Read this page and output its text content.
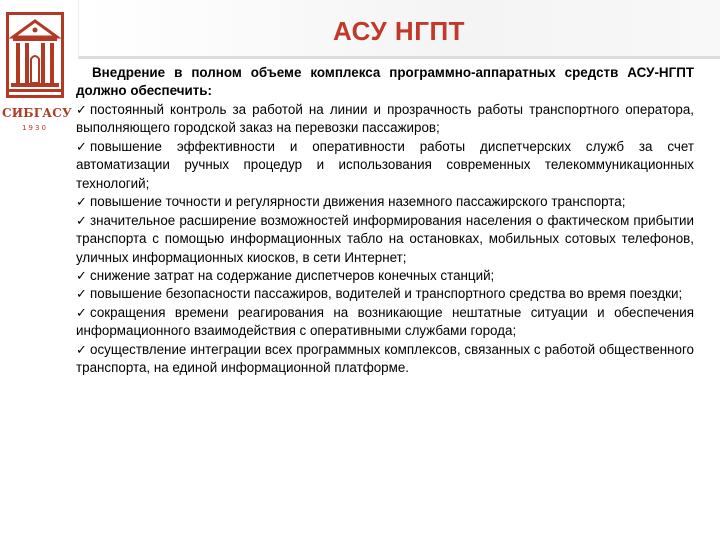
АСУ НГПТ
СИБГАСУ
1930

Внедрение в полном объеме комплекса программно-аппаратных средств АСУ-НГПТ должно обеспечить:

✓ постоянный контроль за работой на линии и прозрачность работы транспортного оператора, выполняющего городской заказ на перевозки пассажиров;

✓ повышение эффективности и оперативности работы диспетчерских служб за счет автоматизации ручных процедур и использования современных телекоммуникационных технологий;

✓ повышение точности и регулярности движения наземного пассажирского транспорта;

✓ значительное расширение возможностей информирования населения о фактическом прибытии транспорта с помощью информационных табло на остановках, мобильных сотовых телефонов, уличных информационных киосков, в сети Интернет;

✓ снижение затрат на содержание диспетчеров конечных станций;

✓ повышение безопасности пассажиров, водителей и транспортного средства во время поездки;

✓ сокращения времени реагирования на возникающие нештатные ситуации и обеспечения информационного взаимодействия с оперативными службами города;

✓ осуществление интеграции всех программных комплексов, связанных с работой общественного транспорта, на единой информационной платформе.
